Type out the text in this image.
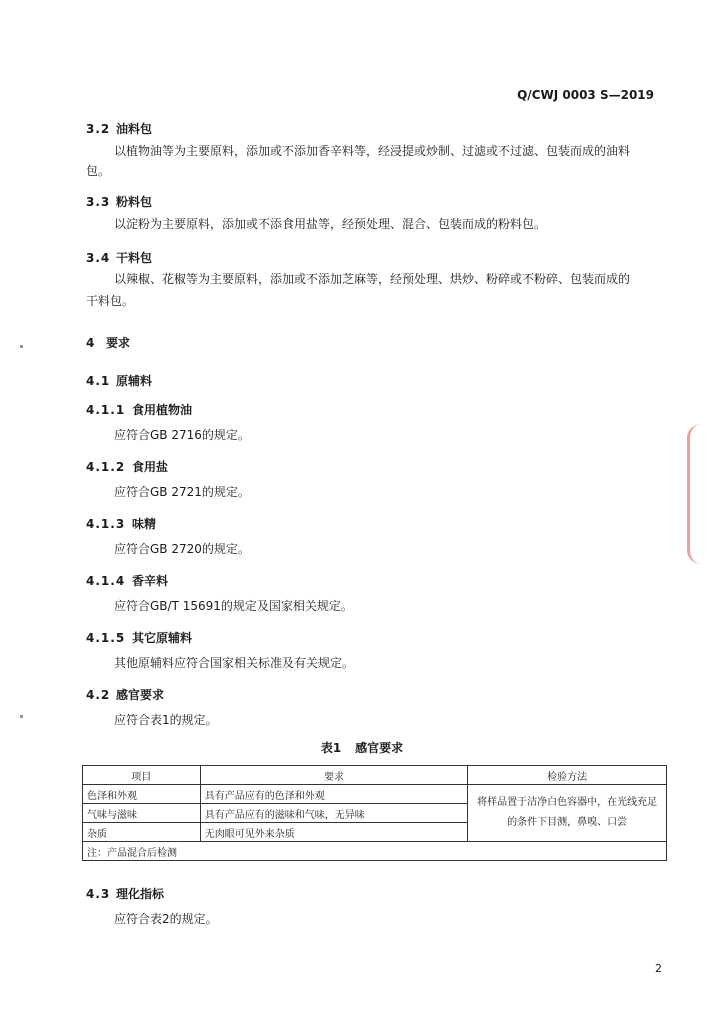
Q/CWJ 0003 S—2019
3.2 油料包
以植物油等为主要原料，添加或不添加香辛料等，经浸提或炒制、过滤或不过滤、包装而成的油料
包。
3.3 粉料包
以淀粉为主要原料，添加或不添食用盐等，经预处理、混合、包装而成的粉料包。
3.4 干料包
以辣椒、花椒等为主要原料，添加或不添加芝麻等，经预处理、烘炒、粉碎或不粉碎、包装而成的
干料包。
4 要求
4.1 原辅料
4.1.1 食用植物油
应符合GB 2716的规定。
4.1.2 食用盐
应符合GB 2721的规定。
4.1.3 味精
应符合GB 2720的规定。
4.1.4 香辛料
应符合GB/T 15691的规定及国家相关规定。
4.1.5 其它原辅料
其他原辅料应符合国家相关标准及有关规定。
4.2 感官要求
应符合表1的规定。
表1 感官要求
项目	要求	检验方法
色泽和外观	具有产品应有的色泽和外观	将样品置于洁净白色容器中，在光线充足的条件下目测，鼻嗅、口尝
气味与滋味	具有产品应有的滋味和气味，无异味	
杂质	无肉眼可见外来杂质	
注：产品混合后检测		
4.3 理化指标
应符合表2的规定。
2
